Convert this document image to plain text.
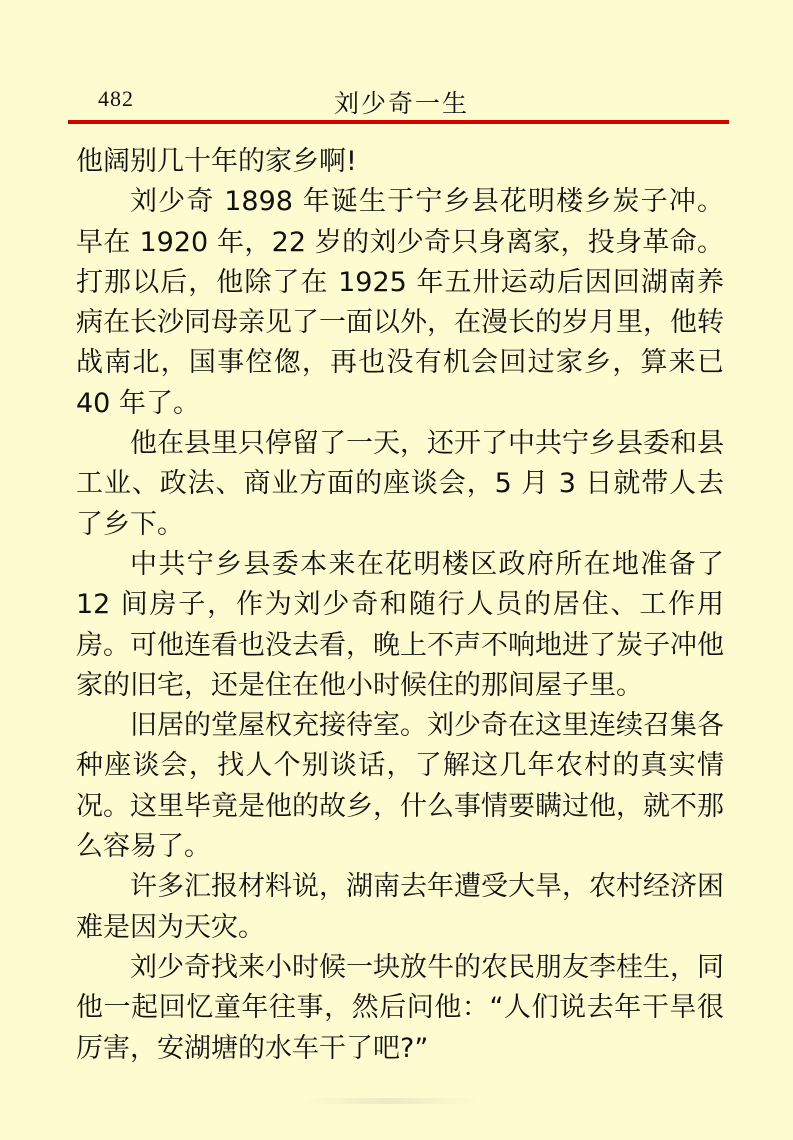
482	刘少奇一生

他阔别几十年的家乡啊!

刘少奇 1898 年诞生于宁乡县花明楼乡炭子冲。早在 1920 年，22 岁的刘少奇只身离家，投身革命。打那以后，他除了在 1925 年五卅运动后因回湖南养病在长沙同母亲见了一面以外，在漫长的岁月里，他转战南北，国事倥偬，再也没有机会回过家乡，算来已 40 年了。

他在县里只停留了一天，还开了中共宁乡县委和县工业、政法、商业方面的座谈会，5 月 3 日就带人去了乡下。

中共宁乡县委本来在花明楼区政府所在地准备了 12 间房子，作为刘少奇和随行人员的居住、工作用房。可他连看也没去看，晚上不声不响地进了炭子冲他家的旧宅，还是住在他小时候住的那间屋子里。

旧居的堂屋权充接待室。刘少奇在这里连续召集各种座谈会，找人个别谈话，了解这几年农村的真实情况。这里毕竟是他的故乡，什么事情要瞒过他，就不那么容易了。

许多汇报材料说，湖南去年遭受大旱，农村经济困难是因为天灾。

刘少奇找来小时候一块放牛的农民朋友李桂生，同他一起回忆童年往事，然后问他：“人们说去年干旱很厉害，安湖塘的水车干了吧?”
